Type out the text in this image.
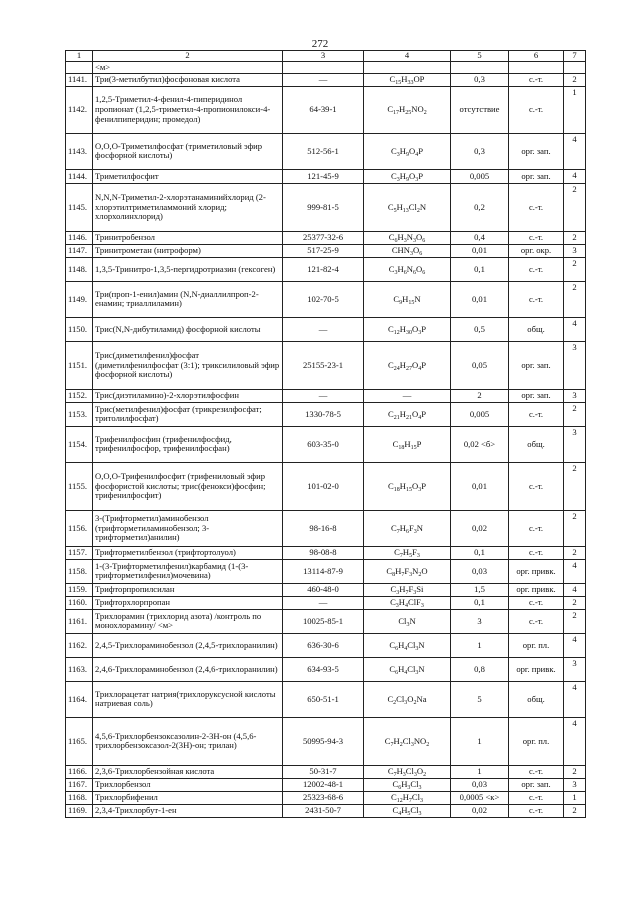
272
1	2	3	4	5	6	7
	<м>					
1141.	Три(3-метилбутил)фосфоновая кислота	—	$C_{15}H_{33}OP$	0,3	с.-т.	2
1142.	1,2,5-Триметил-4-фенил-4-пиперидинол пропионат (1,2,5-триметил-4-пропионилокси-4-фенилпиперидин; промедол)	64-39-1	$C_{17}H_{25}NO_2$	отсутствие	с.-т.	1
1143.	О,О,О-Триметилфосфат (триметиловый эфир фосфорной кислоты)	512-56-1	$C_3H_9O_4P$	0,3	орг. зап.	4
1144.	Триметилфосфит	121-45-9	$C_3H_9O_3P$	0,005	орг. зап.	4
1145.	N,N,N-Триметил-2-хлорэтанаминийхлорид (2-хлорэтилтриметиламмоний хлорид; хлорхолинхлорид)	999-81-5	$C_5H_{13}Cl_2N$	0,2	с.-т.	2
1146.	Тринитробензол	25377-32-6	$C_6H_3N_3O_6$	0,4	с.-т.	2
1147.	Тринитрометан (нитроформ)	517-25-9	$CHN_3O_6$	0,01	орг. окр.	3
1148.	1,3,5-Тринитро-1,3,5-пергидротриазин (гексоген)	121-82-4	$C_3H_6N_6O_6$	0,1	с.-т.	2
1149.	Три(проп-1-енил)амин (N,N-диаллилпроп-2-енамин; триаллиламин)	102-70-5	$C_9H_{15}N$	0,01	с.-т.	2
1150.	Трис(N,N-дибутиламид) фосфорной кислоты	—	$C_{12}H_{30}O_3P$	0,5	общ.	4
1151.	Трис(диметилфенил)фосфат (диметилфенилфосфат (3:1); триксилиловый эфир фосфорной кислоты)	25155-23-1	$C_{24}H_{27}O_4P$	0,05	орг. зап.	3
1152.	Трис(диэтиламино)-2-хлорэтилфосфин	—	—	2	орг. зап.	3
1153.	Трис(метилфенил)фосфат (трикрезилфосфат; тритолилфосфат)	1330-78-5	$C_{21}H_{21}O_4P$	0,005	с.-т.	2
1154.	Трифенилфосфин (трифенилфосфид, трифенилфосфор, трифенилфосфан)	603-35-0	$C_{18}H_{15}P$	0,02 <б>	общ.	3
1155.	О,О,О-Трифенилфосфит (трифениловый эфир фосфористой кислоты; трис(фенокси)фосфин; трифенилфосфит)	101-02-0	$C_{18}H_{15}O_3P$	0,01	с.-т.	2
1156.	3-(Трифторметил)аминобензол (трифторметиламинобензол; 3-трифторметил)анилин)	98-16-8	$C_7H_6F_3N$	0,02	с.-т.	2
1157.	Трифторметилбензол (трифтортолуол)	98-08-8	$C_7H_5F_3$	0,1	с.-т.	2
1158.	1-(3-Трифторметилфенил)карбамид (1-(3-трифторметилфенил)мочевина)	13114-87-9	$C_8H_7F_3N_2O$	0,03	орг. привк.	4
1159.	Трифторпропилсилан	460-48-0	$C_3H_7F_3Si$	1,5	орг. привк.	4
1160.	Трифторхлорпропан	—	$C_3H_4ClF_3$	0,1	с.-т.	2
1161.	Трихлорамин (трихлорид азота) /контроль по монохлорамину/ <м>	10025-85-1	$Cl_3N$	3	с.-т.	2
1162.	2,4,5-Трихлораминобензол (2,4,5-трихлоранилин)	636-30-6	$C_6H_4Cl_3N$	1	орг. пл.	4
1163.	2,4,6-Трихлораминобензол (2,4,6-трихлоранилин)	634-93-5	$C_6H_4Cl_3N$	0,8	орг. привк.	3
1164.	Трихлорацетат натрия(трихлоруксусной кислоты натриевая соль)	650-51-1	$C_2Cl_3O_2Na$	5	общ.	4
1165.	4,5,6-Трихлорбензоксазолин-2-3Н-он (4,5,6-трихлорбензоксазол-2(3Н)-он; трилан)	50995-94-3	$C_7H_2Cl_3NO_2$	1	орг. пл.	4
1166.	2,3,6-Трихлорбензойная кислота	50-31-7	$C_7H_3Cl_3O_2$	1	с.-т.	2
1167.	Трихлорбензол	12002-48-1	$C_6H_3Cl_3$	0,03	орг. зап.	3
1168.	Трихлорбифенил	25323-68-6	$C_{12}H_7Cl_3$	0,0005 <к>	с.-т.	1
1169.	2,3,4-Трихлорбут-1-ен	2431-50-7	$C_4H_5Cl_3$	0,02	с.-т.	2
